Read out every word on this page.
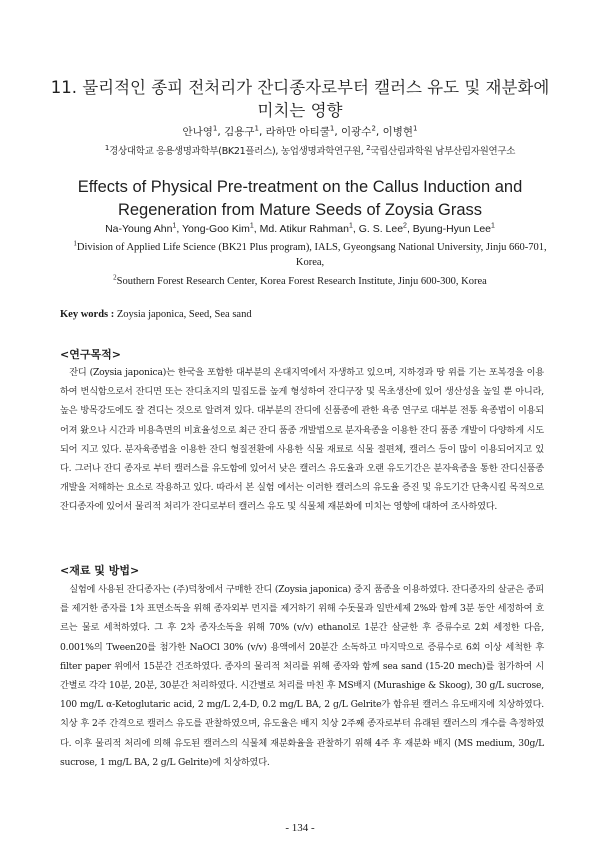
11. 물리적인 종피 전처리가 잔디종자로부터 캘러스 유도 및 재분화에
미치는 영향
안나영$^1$, 김용구$^1$, 라하만 아티쿨$^1$, 이광수$^2$, 이병현$^1$
$^1$경상대학교 응용생명과학부(BK21플러스), 농업생명과학연구원, $^2$국립산림과학원 남부산림자원연구소
Effects of Physical Pre-treatment on the Callus Induction and
Regeneration from Mature Seeds of Zoysia Grass
Na-Young Ahn$^1$, Yong-Goo Kim$^1$, Md. Atikur Rahman$^1$, G. S. Lee$^2$, Byung-Hyun Lee$^1$
$^1$Division of Applied Life Science (BK21 Plus program), IALS, Gyeongsang National University, Jinju 660-701, Korea,
$^2$Southern Forest Research Center, Korea Forest Research Institute, Jinju 600-300, Korea
Key words : Zoysia japonica, Seed, Sea sand
<연구목적>

잔디 (Zoysia japonica)는 한국을 포함한 대부분의 온대지역에서 자생하고 있으며, 지하경과 땅 위를 기는 포복경을 이용하여 번식함으로서 잔디면 또는 잔디초지의 밀집도를 높게 형성하여 잔디구장 및 목초생산에 있어 생산성을 높일 뿐 아니라, 높은 방목강도에도 잘 견디는 것으로 알려져 있다. 대부분의 잔디에 신품종에 관한 육종 연구로 대부분 전통 육종법이 이용되어져 왔으나 시간과 비용측면의 비효율성으로 최근 잔디 품종 개발법으로 분자육종을 이용한 잔디 품종 개발이 다양하게 시도되어 지고 있다. 분자육종법을 이용한 잔디 형질전환에 사용한 식물 재료로 식물 절편체, 캘러스 등이 많이 이용되어지고 있다. 그러나 잔디 종자로 부터 캘러스를 유도함에 있어서 낮은 캘러스 유도율과 오랜 유도기간은 분자육종을 통한 잔디신품종 개발을 저해하는 요소로 작용하고 있다. 따라서 본 실험 에서는 이러한 캘러스의 유도율 증진 및 유도기간 단축시킬 목적으로 잔디종자에 있어서 물리적 처리가 잔디로부터 캘러스 유도 및 식물체 재분화에 미치는 영향에 대하여 조사하였다.

<재료 및 방법>

실험에 사용된 잔디종자는 (주)덕창에서 구매한 잔디 (Zoysia japonica) 중지 품종을 이용하였다. 잔디종자의 살균은 종피를 제거한 종자를 1차 표면소독을 위해 종자외부 먼지를 제거하기 위해 수돗물과 일반세제 2%와 함께 3분 동안 세정하여 흐르는 물로 세척하였다. 그 후 2차 종자소독을 위해 70% (v/v) ethanol로 1분간 살균한 후 증류수로 2회 세정한 다음, 0.001%의 Tween20를 첨가한 NaOCl 30% (v/v) 용액에서 20분간 소독하고 마지막으로 증류수로 6회 이상 세척한 후 filter paper 위에서 15분간 건조하였다. 종자의 물리적 처리를 위해 종자와 함께 sea sand (15-20 mech)를 첨가하여 시간별로 각각 10분, 20분, 30분간 처리하였다. 시간별로 처리를 마친 후 MS배지 (Murashige & Skoog), 30 g/L sucrose, 100 mg/L α-Ketoglutaric acid, 2 mg/L 2,4-D, 0.2 mg/L BA, 2 g/L Gelrite가 함유된 캘러스 유도배지에 치상하였다. 치상 후 2주 간격으로 캘러스 유도를 관찰하였으며, 유도율은 배지 치상 2주째 종자로부터 유래된 캘러스의 개수를 측정하였다. 이후 물리적 처리에 의해 유도된 캘러스의 식물체 재분화율을 관찰하기 위해 4주 후 재분화 배지 (MS medium, 30g/L sucrose, 1 mg/L BA, 2 g/L Gelrite)에 치상하였다.

- 134 -
